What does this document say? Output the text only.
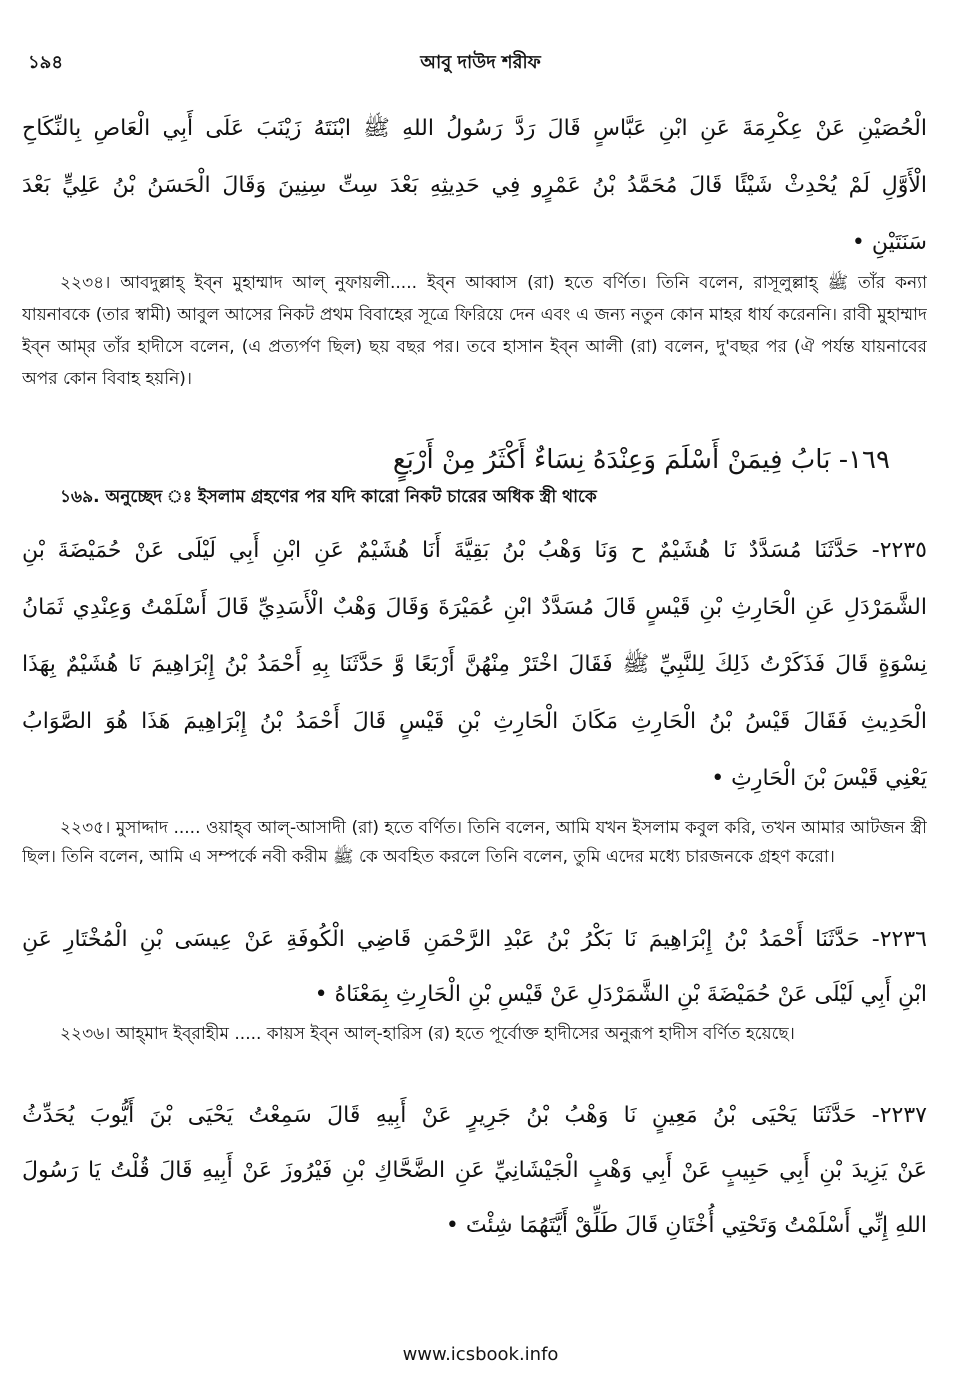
১৯৪	আবু দাউদ শরীফ
الْحُصَيْنِ عَنْ عِكْرِمَةَ عَنِ ابْنِ عَبَّاسٍ قَالَ رَدَّ رَسُولُ اللهِ ﷺ ابْنَتَهُ زَيْنَبَ عَلَى أَبِي الْعَاصِ بِالنِّكَاحِ
الْأَوَّلِ لَمْ يُحْدِثْ شَيْئًا قَالَ مُحَمَّدُ بْنُ عَمْرٍو فِي حَدِيثِهِ بَعْدَ سِتِّ سِنِينَ وَقَالَ الْحَسَنُ بْنُ عَلِيٍّ بَعْدَ
سَنَتَيْنِ •
২২৩৪। আবদুল্লাহ্ ইব্‌ন মুহাম্মাদ আল্ নুফায়লী..... ইব্‌ন আব্বাস (রা) হতে বর্ণিত। তিনি বলেন, রাসূলুল্লাহ্ ﷺ তাঁর কন্যা যায়নাবকে (তার স্বামী) আবুল আসের নিকট প্রথম বিবাহের সূত্রে ফিরিয়ে দেন এবং এ জন্য নতুন কোন মাহর ধার্য করেননি। রাবী মুহাম্মাদ ইব্‌ন আম্‌র তাঁর হাদীসে বলেন, (এ প্রত্যর্পণ ছিল) ছয় বছর পর। তবে হাসান ইব্‌ন আলী (রা) বলেন, দু'বছর পর (ঐ পর্যন্ত যায়নাবের অপর কোন বিবাহ হয়নি)।
١٦٩- بَابُ فِيمَنْ أَسْلَمَ وَعِنْدَهُ نِسَاءٌ أَكْثَرُ مِنْ أَرْبَعٍ
১৬৯. অনুচ্ছেদ ঃ ইসলাম গ্রহণের পর যদি কারো নিকট চারের অধিক স্ত্রী থাকে
٢٢٣٥- حَدَّثَنَا مُسَدَّدٌ نَا هُشَيْمٌ ح وَنَا وَهْبُ بْنُ بَقِيَّةَ أَنَا هُشَيْمٌ عَنِ ابْنِ أَبِي لَيْلَى عَنْ حُمَيْضَةَ بْنِ
الشَّمَرْدَلِ عَنِ الْحَارِثِ بْنِ قَيْسٍ قَالَ مُسَدَّدٌ ابْنِ عُمَيْرَةَ وَقَالَ وَهْبٌ الْأَسَدِيِّ قَالَ أَسْلَمْتُ وَعِنْدِي ثَمَانُ
نِسْوَةٍ قَالَ فَذَكَرْتُ ذَلِكَ لِلنَّبِيِّ ﷺ فَقَالَ اخْتَرْ مِنْهُنَّ أَرْبَعًا وَّ حَدَّثَنَا بِهِ أَحْمَدُ بْنُ إِبْرَاهِيمَ نَا هُشَيْمٌ بِهَذَا
الْحَدِيثِ فَقَالَ قَيْسُ بْنُ الْحَارِثِ مَكَانَ الْحَارِثِ بْنِ قَيْسٍ قَالَ أَحْمَدُ بْنُ إِبْرَاهِيمَ هَذَا هُوَ الصَّوَابُ
يَعْنِي قَيْسَ بْنَ الْحَارِثِ •
২২৩৫। মুসাদ্দাদ ..... ওয়াহ্‌ব আল্-আসাদী (রা) হতে বর্ণিত। তিনি বলেন, আমি যখন ইসলাম কবুল করি, তখন আমার আটজন স্ত্রী ছিল। তিনি বলেন, আমি এ সম্পর্কে নবী করীম ﷺ কে অবহিত করলে তিনি বলেন, তুমি এদের মধ্যে চারজনকে গ্রহণ করো।
٢٢٣٦- حَدَّثَنَا أَحْمَدُ بْنُ إِبْرَاهِيمَ نَا بَكْرُ بْنُ عَبْدِ الرَّحْمَنِ قَاضِي الْكُوفَةِ عَنْ عِيسَى بْنِ الْمُخْتَارِ عَنِ
ابْنِ أَبِي لَيْلَى عَنْ حُمَيْضَةَ بْنِ الشَّمَرْدَلِ عَنْ قَيْسِ بْنِ الْحَارِثِ بِمَعْنَاهُ •
২২৩৬। আহ্‌মাদ ইব্‌রাহীম ..... কায়স ইব্‌ন আল্-হারিস (র) হতে পূর্বোক্ত হাদীসের অনুরূপ হাদীস বর্ণিত হয়েছে।
٢٢٣٧- حَدَّثَنَا يَحْيَى بْنُ مَعِينٍ نَا وَهْبُ بْنُ جَرِيرٍ عَنْ أَبِيهِ قَالَ سَمِعْتُ يَحْيَى بْنَ أَيُّوبَ يُحَدِّثُ
عَنْ يَزِيدَ بْنِ أَبِي حَبِيبٍ عَنْ أَبِي وَهْبٍ الْجَيْشَانِيِّ عَنِ الضَّحَّاكِ بْنِ فَيْرُوزَ عَنْ أَبِيهِ قَالَ قُلْتُ يَا رَسُولَ
اللهِ إِنِّي أَسْلَمْتُ وَتَحْتِي أُخْتَانِ قَالَ طَلِّقْ أَيَّتَهُمَا شِئْتَ •
www.icsbook.info
